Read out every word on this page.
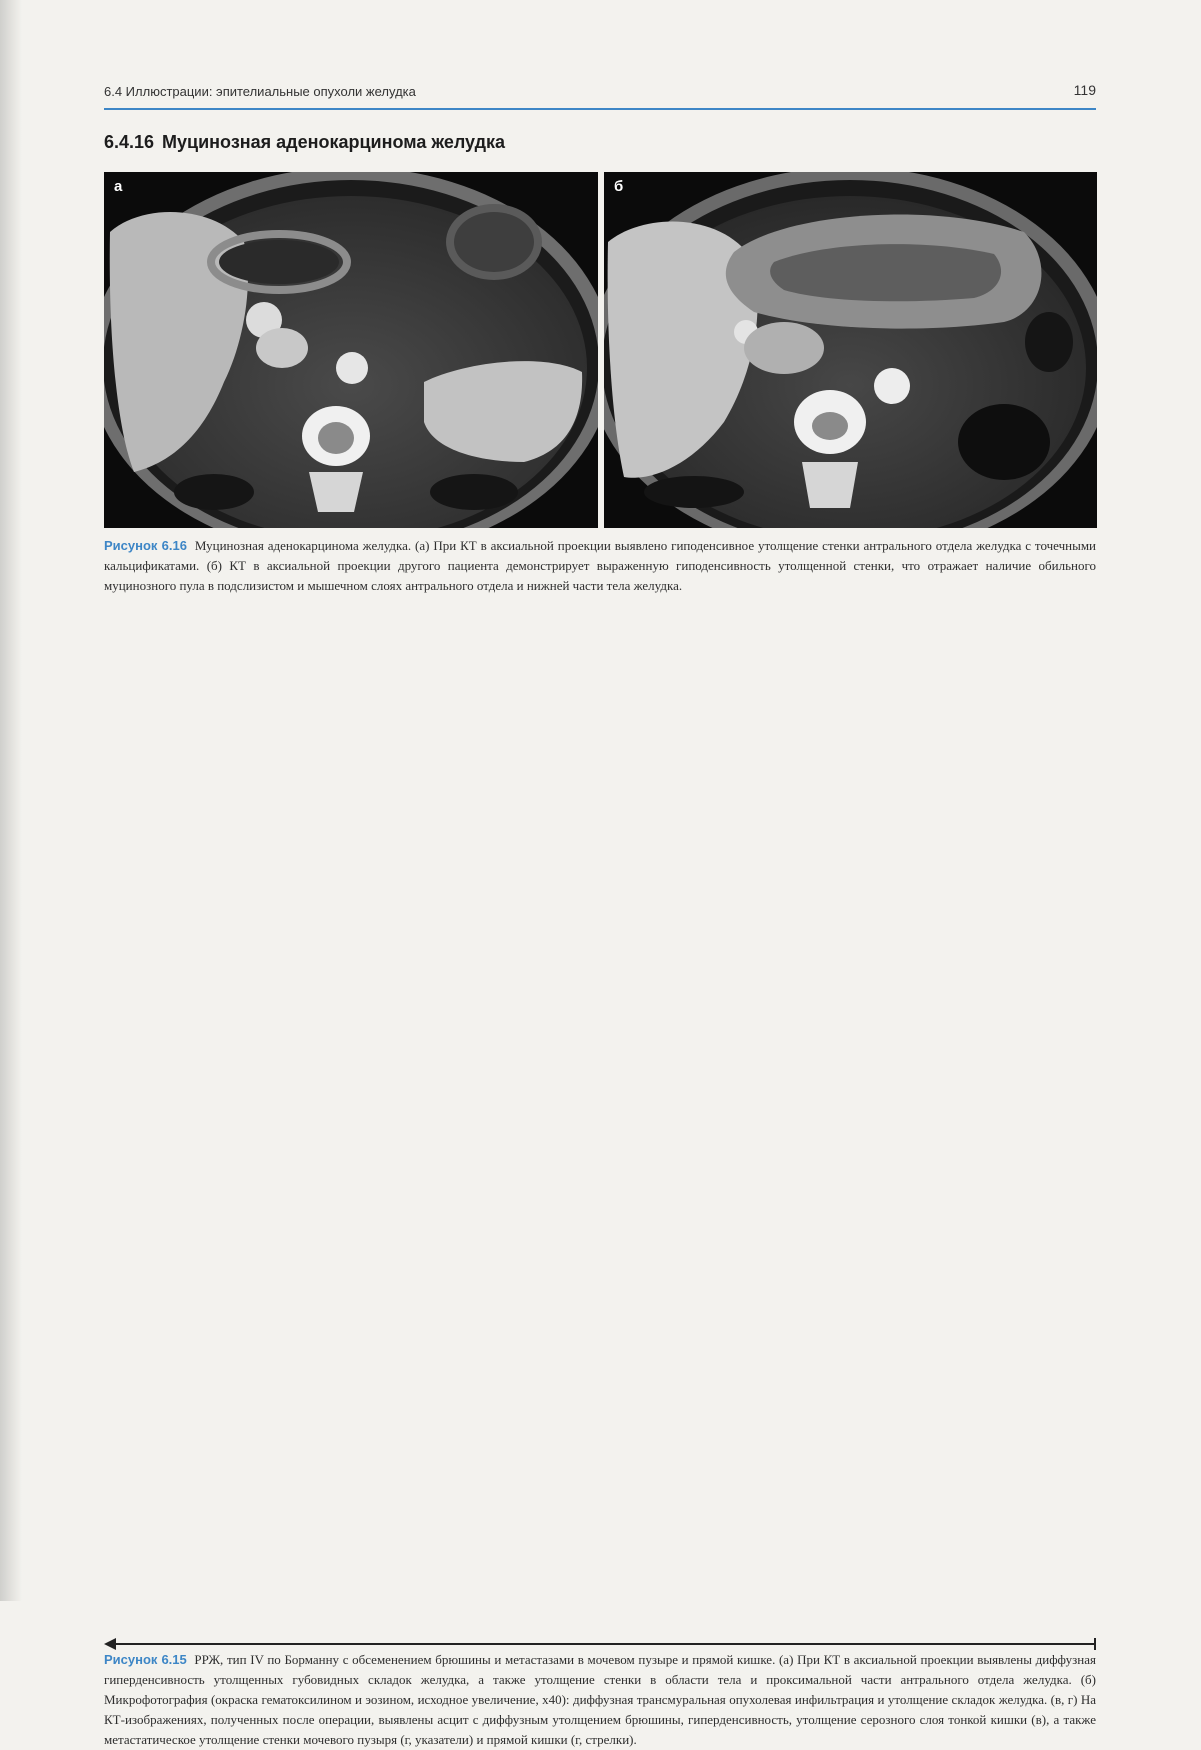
6.4 Иллюстрации: эпителиальные опухоли желудка	119
6.4.16 Муцинозная аденокарцинома желудка
а	б
Рисунок 6.16 Муцинозная аденокарцинома желудка. (а) При КТ в аксиальной проекции выявлено гиподенсивное утолщение стенки антрального отдела желудка с точечными кальцификатами. (б) КТ в аксиальной проекции другого пациента демонстрирует выраженную гиподенсивность утолщенной стенки, что отражает наличие обильного муцинозного пула в подслизистом и мышечном слоях антрального отдела и нижней части тела желудка.
Рисунок 6.15 РРЖ, тип IV по Борманну с обсеменением брюшины и метастазами в мочевом пузыре и прямой кишке. (а) При КТ в аксиальной проекции выявлены диффузная гиперденсивность утолщенных губовидных складок желудка, а также утолщение стенки в области тела и проксимальной части антрального отдела желудка. (б) Микрофотография (окраска гематоксилином и эозином, исходное увеличение, х40): диффузная трансмуральная опухолевая инфильтрация и утолщение складок желудка. (в, г) На КТ-изображениях, полученных после операции, выявлены асцит с диффузным утолщением брюшины, гиперденсивность, утолщение серозного слоя тонкой кишки (в), а также метастатическое утолщение стенки мочевого пузыря (г, указатели) и прямой кишки (г, стрелки).
